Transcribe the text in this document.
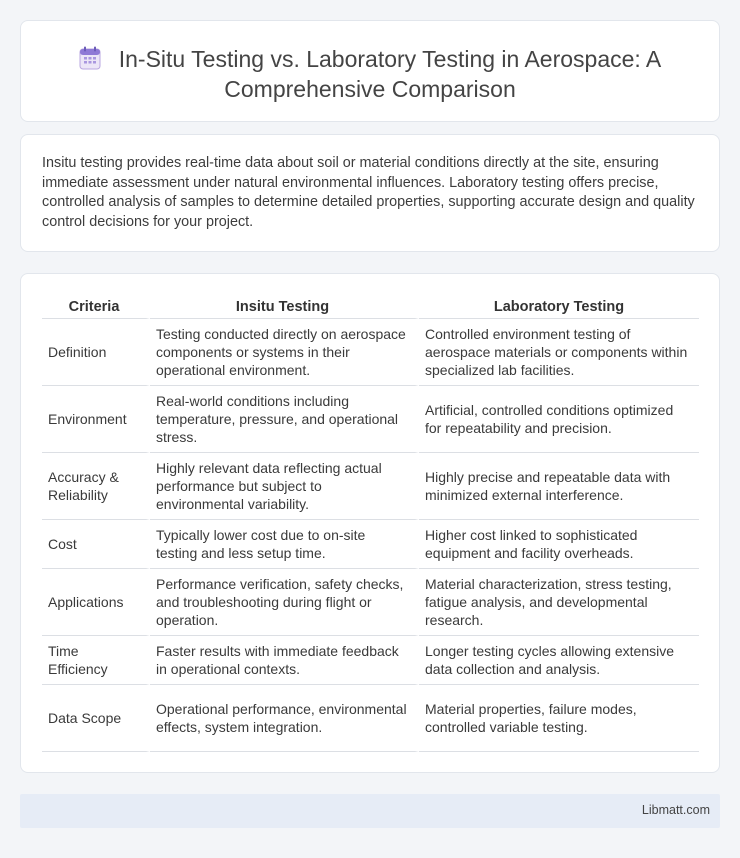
In-Situ Testing vs. Laboratory Testing in Aerospace: A Comprehensive Comparison

Insitu testing provides real-time data about soil or material conditions directly at the site, ensuring immediate assessment under natural environmental influences. Laboratory testing offers precise, controlled analysis of samples to determine detailed properties, supporting accurate design and quality control decisions for your project.

Criteria	Insitu Testing	Laboratory Testing
Definition	Testing conducted directly on aerospace components or systems in their operational environment.	Controlled environment testing of aerospace materials or components within specialized lab facilities.
Environment	Real-world conditions including temperature, pressure, and operational stress.	Artificial, controlled conditions optimized for repeatability and precision.
Accuracy & Reliability	Highly relevant data reflecting actual performance but subject to environmental variability.	Highly precise and repeatable data with minimized external interference.
Cost	Typically lower cost due to on-site testing and less setup time.	Higher cost linked to sophisticated equipment and facility overheads.
Applications	Performance verification, safety checks, and troubleshooting during flight or operation.	Material characterization, stress testing, fatigue analysis, and developmental research.
Time Efficiency	Faster results with immediate feedback in operational contexts.	Longer testing cycles allowing extensive data collection and analysis.
Data Scope	Operational performance, environmental effects, system integration.	Material properties, failure modes, controlled variable testing.
Libmatt.com
